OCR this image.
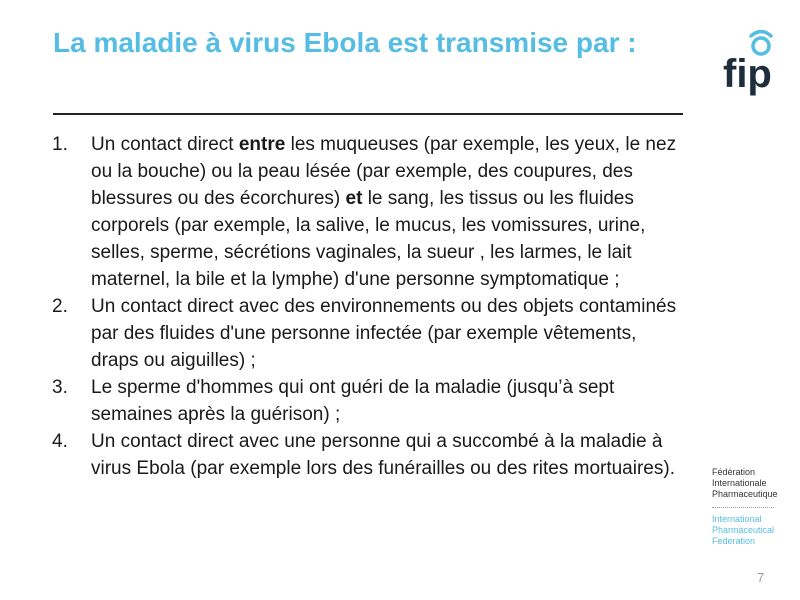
La maladie à virus Ebola est transmise par :
fip
1. Un contact direct entre les muqueuses (par exemple, les yeux, le nez ou la bouche) ou la peau lésée (par exemple, des coupures, des blessures ou des écorchures) et le sang, les tissus ou les fluides corporels (par exemple, la salive, le mucus, les vomissures, urine, selles, sperme, sécrétions vaginales, la sueur , les larmes, le lait maternel, la bile et la lymphe) d'une personne symptomatique ;
2. Un contact direct avec des environnements ou des objets contaminés par des fluides d'une personne infectée (par exemple vêtements, draps ou aiguilles) ;
3. Le sperme d'hommes qui ont guéri de la maladie (jusqu’à sept semaines après la guérison) ;
4. Un contact direct avec une personne qui a succombé à la maladie à virus Ebola (par exemple lors des funérailles ou des rites mortuaires).	Fédération
Internationale
Pharmaceutique
International
Pharmaceutical
Federation
7
